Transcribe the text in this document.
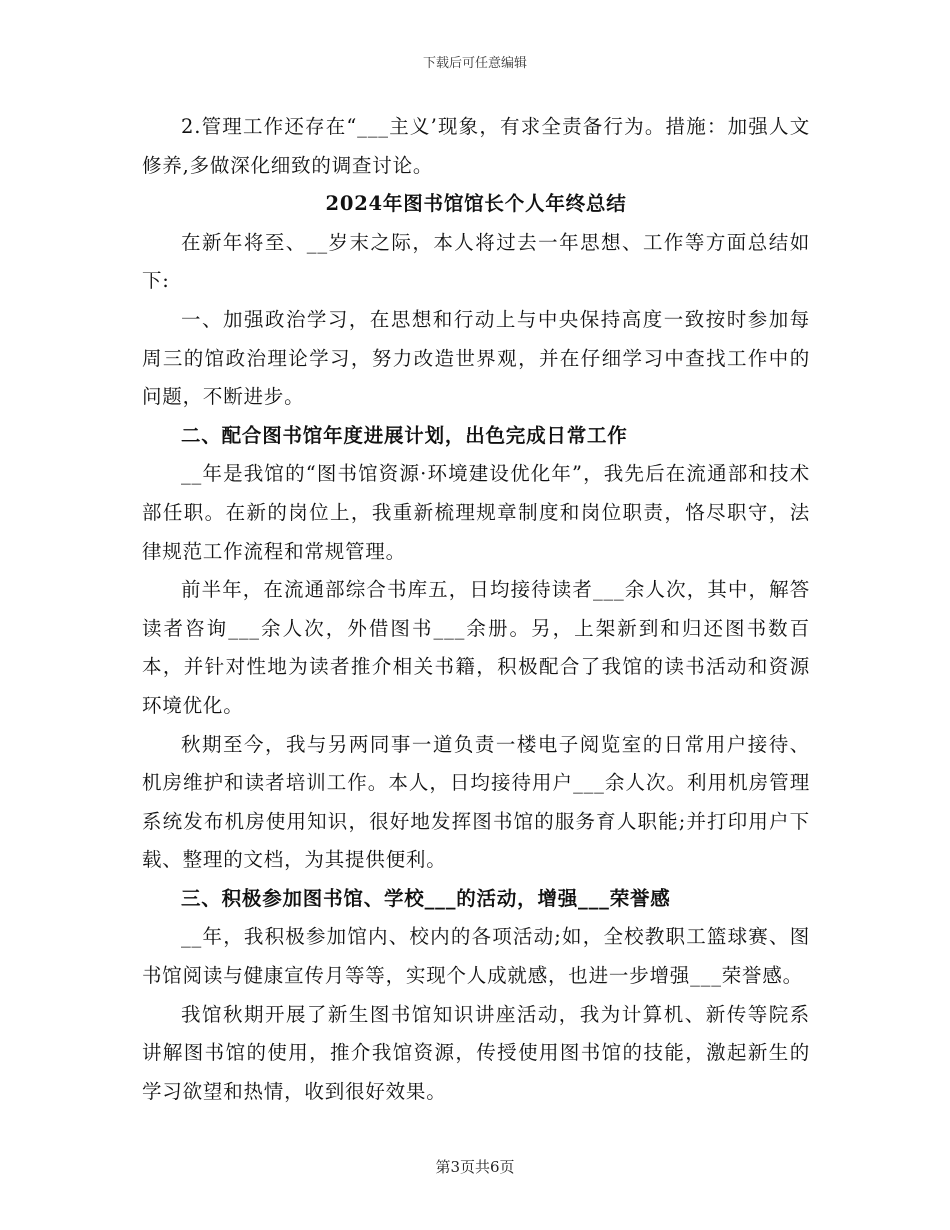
下载后可任意编辑

2.管理工作还存在“___主义’现象，有求全责备行为。措施：加强人文修养,多做深化细致的调查讨论。

2024年图书馆馆长个人年终总结

在新年将至、__岁末之际，本人将过去一年思想、工作等方面总结如下:

一、加强政治学习，在思想和行动上与中央保持高度一致按时参加每周三的馆政治理论学习，努力改造世界观，并在仔细学习中查找工作中的问题，不断进步。

二、配合图书馆年度进展计划，出色完成日常工作

__年是我馆的“图书馆资源·环境建设优化年”，我先后在流通部和技术部任职。在新的岗位上，我重新梳理规章制度和岗位职责，恪尽职守，法律规范工作流程和常规管理。

前半年，在流通部综合书库五，日均接待读者___余人次，其中，解答读者咨询___余人次，外借图书___余册。另，上架新到和归还图书数百本，并针对性地为读者推介相关书籍，积极配合了我馆的读书活动和资源环境优化。

秋期至今，我与另两同事一道负责一楼电子阅览室的日常用户接待、机房维护和读者培训工作。本人，日均接待用户___余人次。利用机房管理系统发布机房使用知识，很好地发挥图书馆的服务育人职能;并打印用户下载、整理的文档，为其提供便利。

三、积极参加图书馆、学校___的活动，增强___荣誉感

__年，我积极参加馆内、校内的各项活动;如，全校教职工篮球赛、图书馆阅读与健康宣传月等等，实现个人成就感，也进一步增强___荣誉感。

我馆秋期开展了新生图书馆知识讲座活动，我为计算机、新传等院系讲解图书馆的使用，推介我馆资源，传授使用图书馆的技能，激起新生的学习欲望和热情，收到很好效果。

第3页共6页
